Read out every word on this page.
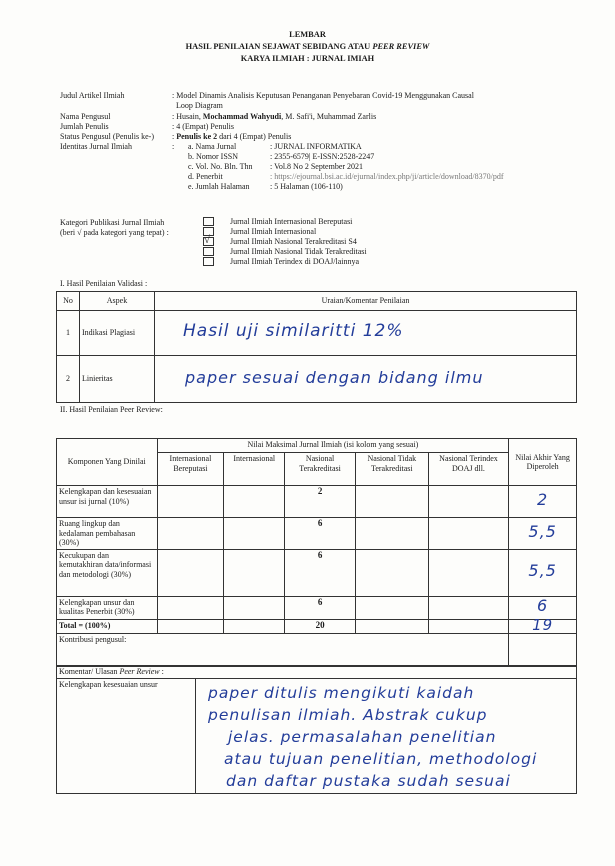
LEMBAR
HASIL PENILAIAN SEJAWAT SEBIDANG ATAU PEER REVIEW
KARYA ILMIAH : JURNAL IMIAH
Judul Artikel Ilmiah	: Model Dinamis Analisis Keputusan Penanganan Penyebaran Covid-19 Menggunakan Causal
Loop Diagram
Nama Pengusul	: Husain, Mochammad Wahyudi, M. Safi'i, Muhammad Zarlis
Jumlah Penulis	: 4 (Empat) Penulis
Status Pengusul (Penulis ke-) : Penulis ke 2 dari 4 (Empat) Penulis
Identitas Jurnal Ilmiah	: a. Nama Jurnal	: JURNAL INFORMATIKA
b. Nomor ISSN	: 2355-6579| E-ISSN:2528-2247
c. Vol. No. Bln. Thn : Vol.8 No 2 September 2021
d. Penerbit	: https://ejournal.bsi.ac.id/ejurnal/index.php/ji/article/download/8370/pdf
e. Jumlah Halaman	: 5 Halaman (106-110)
Kategori Publikasi Jurnal Ilmiah
(beri √ pada kategori yang tepat) :
Jurnal Ilmiah Internasional Bereputasi
Jurnal Ilmiah Internasional
√ Jurnal Ilmiah Nasional Terakreditasi S4
Jurnal Ilmiah Nasional Tidak Terakreditasi
Jurnal Ilmiah Terindex di DOAJ/lainnya
I. Hasil Penilaian Validasi :
No	Aspek	Uraian/Komentar Penilaian
1	Indikasi Plagiasi	Hasil uji similaritti 12%
2	Linieritas	paper sesuai dengan bidang ilmu
II. Hasil Penilaian Peer Review:
Komponen Yang Dinilai	Nilai Maksimal Jurnal Ilmiah (isi kolom yang sesuai)					Nilai Akhir Yang Diperoleh
	Internasional Bereputasi	Internasional	Nasional Terakreditasi	Nasional Tidak Terakreditasi	Nasional Terindex DOAJ dll.	
Kelengkapan dan kesesuaian unsur isi jurnal (10%)			2			2
Ruang lingkup dan kedalaman pembahasan (30%)			6			5,5
Kecukupan dan kemutakhiran data/informasi dan metodologi (30%)			6			5,5
Kelengkapan unsur dan kualitas Penerbit (30%)			6			6
Total = (100%)			20			19
Kontribusi pengusul:						
Komentar/ Ulasan Peer Review :
Kelengkapan kesesuaian unsur	paper ditulis mengikuti kaidah
penulisan ilmiah. Abstrak cukup
jelas. permasalahan penelitian
atau tujuan penelitian, methodologi
dan daftar pustaka sudah sesuai
